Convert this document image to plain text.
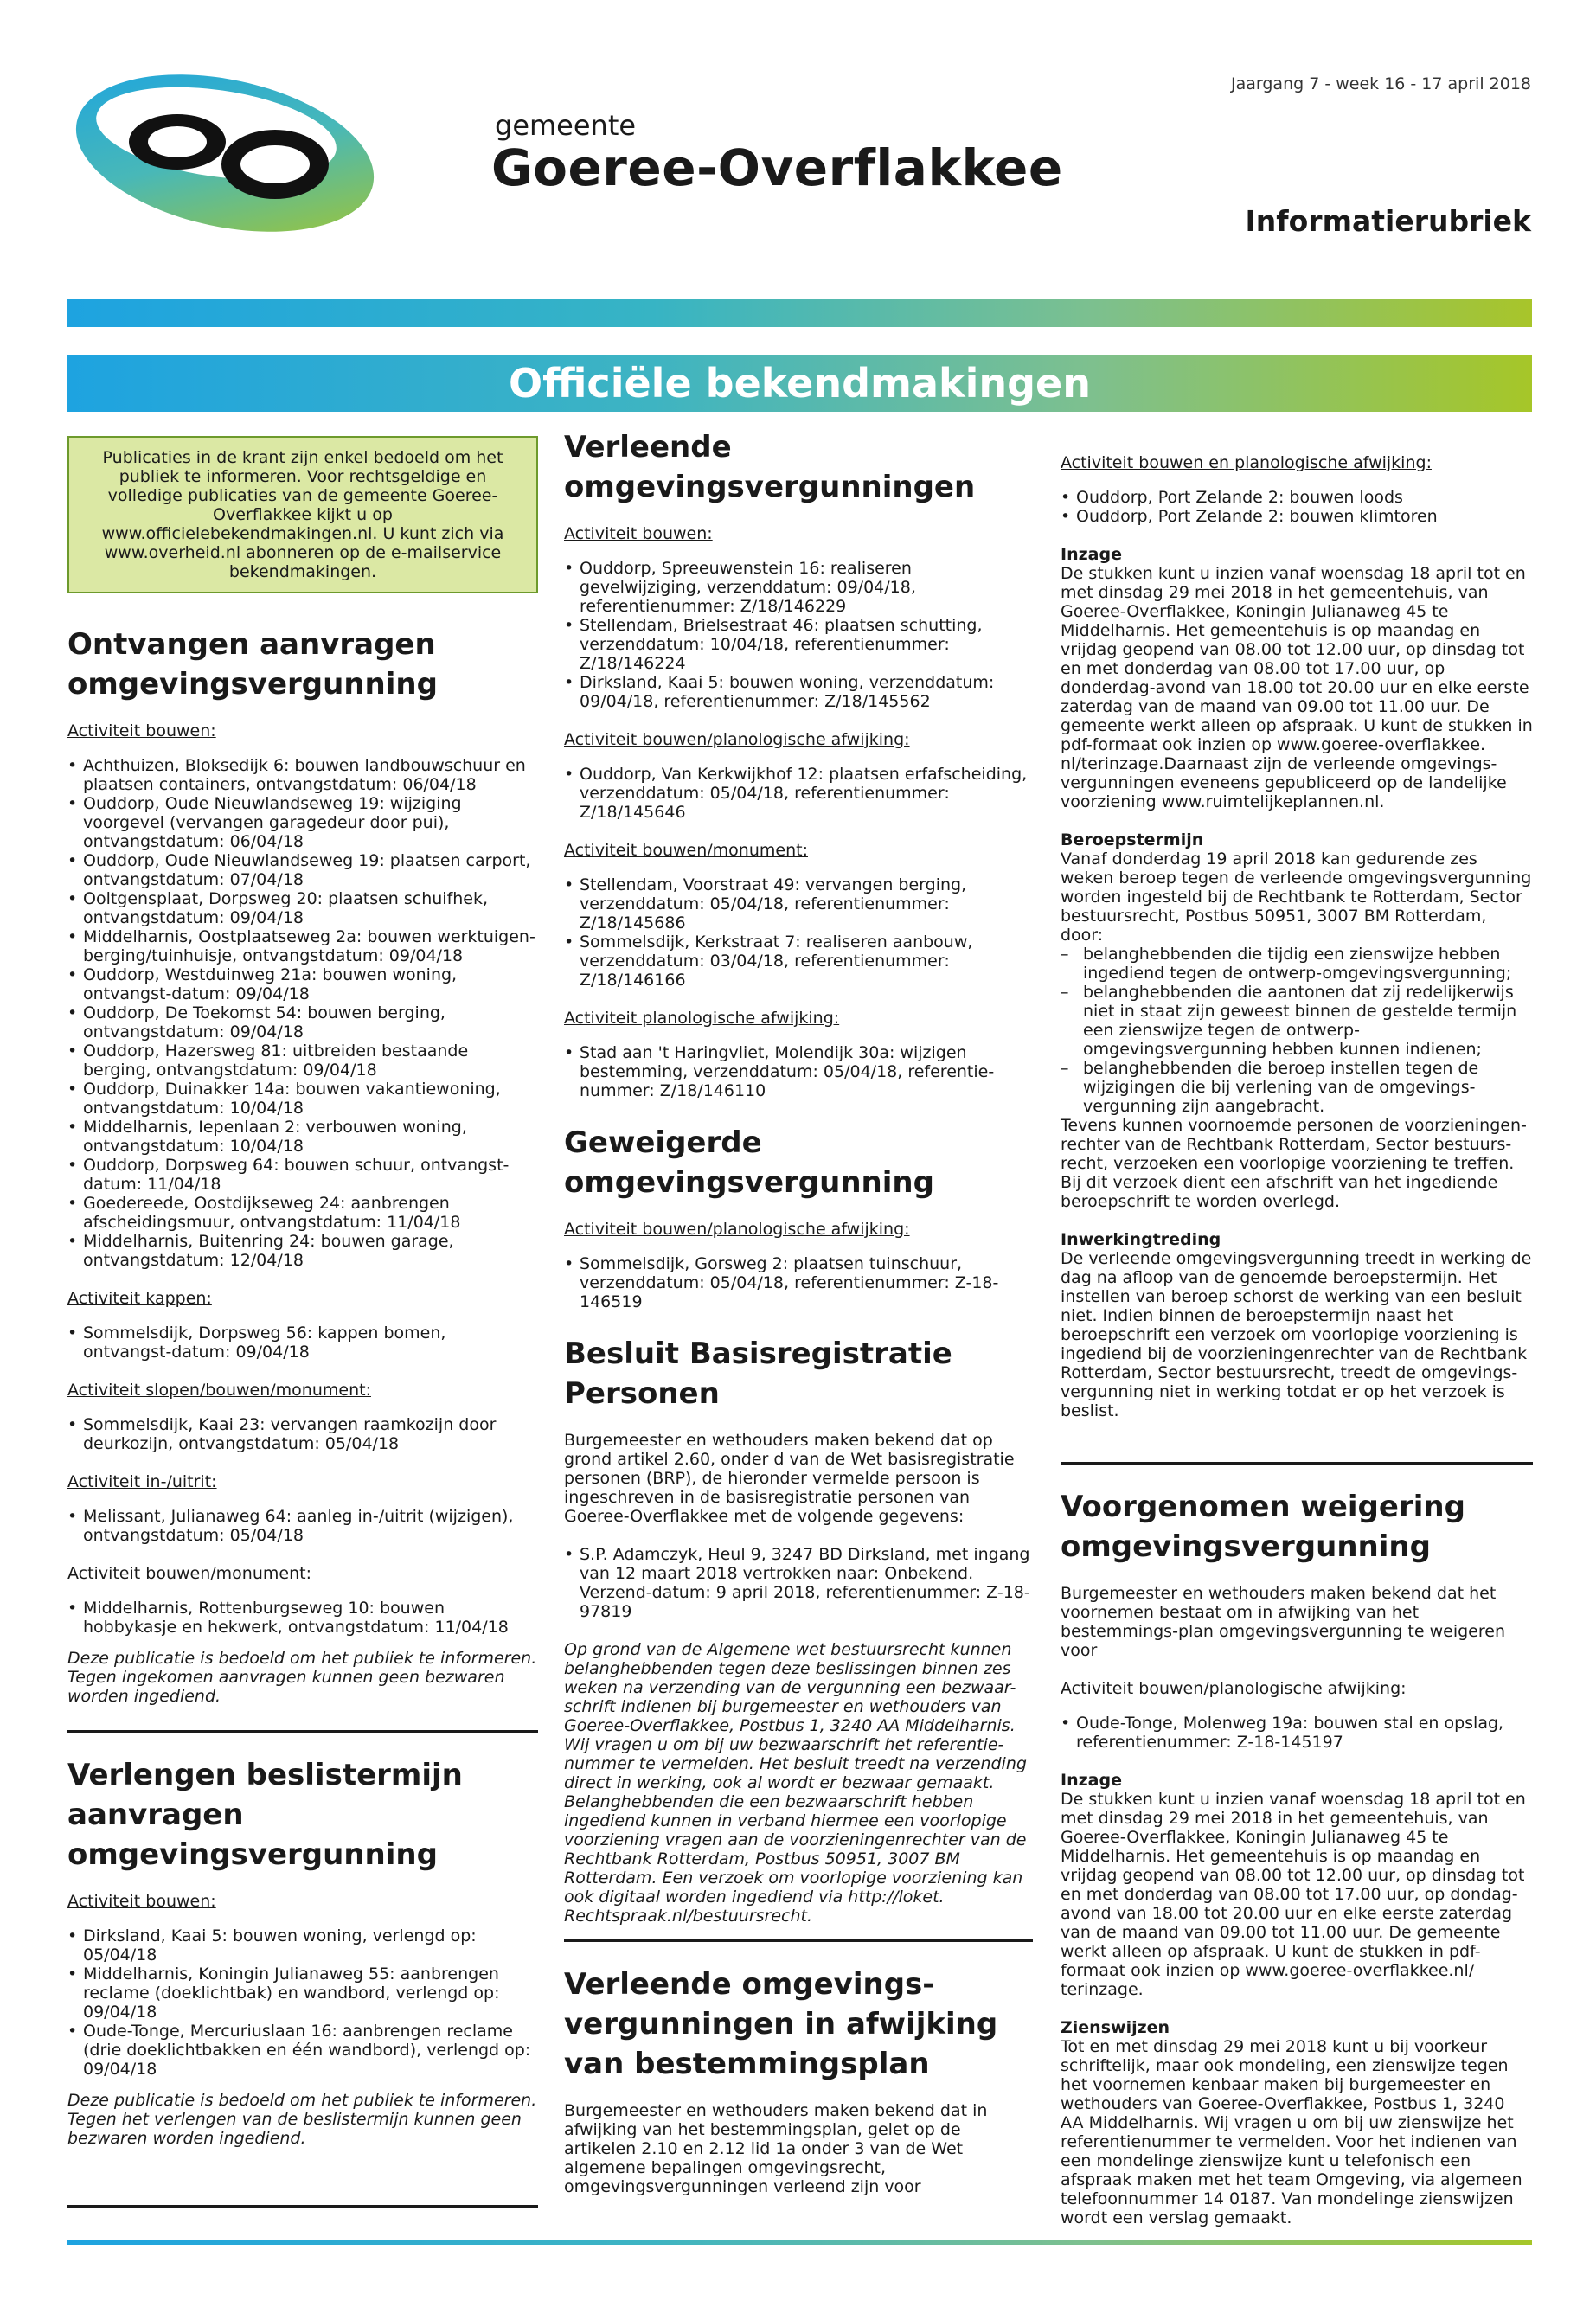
gemeente
Goeree-Overflakkee
Jaargang 7 - week 16 - 17 april 2018
Informatierubriek
Officiële bekendmakingen
Publicaties in de krant zijn enkel bedoeld om het publiek te informeren. Voor rechtsgeldige en volledige publicaties van de gemeente Goeree-Overflakkee kijkt u op www.officielebekendmakingen.nl. U kunt zich via www.overheid.nl abonneren op de e-mailservice bekendmakingen.
Ontvangen aanvragen omgevingsvergunning
Activiteit bouwen:
• Achthuizen, Bloksedijk 6: bouwen landbouwschuur en plaatsen containers, ontvangstdatum: 06/04/18
• Ouddorp, Oude Nieuwlandseweg 19: wijziging voorgevel (vervangen garagedeur door pui), ontvangstdatum: 06/04/18
• Ouddorp, Oude Nieuwlandseweg 19: plaatsen carport, ontvangstdatum: 07/04/18
• Ooltgensplaat, Dorpsweg 20: plaatsen schuifhek, ontvangstdatum: 09/04/18
• Middelharnis, Oostplaatseweg 2a: bouwen werktuigen-berging/tuinhuisje, ontvangstdatum: 09/04/18
• Ouddorp, Westduinweg 21a: bouwen woning, ontvangst-datum: 09/04/18
• Ouddorp, De Toekomst 54: bouwen berging, ontvangstdatum: 09/04/18
• Ouddorp, Hazersweg 81: uitbreiden bestaande berging, ontvangstdatum: 09/04/18
• Ouddorp, Duinakker 14a: bouwen vakantiewoning, ontvangstdatum: 10/04/18
• Middelharnis, Iepenlaan 2: verbouwen woning, ontvangstdatum: 10/04/18
• Ouddorp, Dorpsweg 64: bouwen schuur, ontvangst-datum: 11/04/18
• Goedereede, Oostdijkseweg 24: aanbrengen afscheidingsmuur, ontvangstdatum: 11/04/18
• Middelharnis, Buitenring 24: bouwen garage, ontvangstdatum: 12/04/18
Activiteit kappen:
• Sommelsdijk, Dorpsweg 56: kappen bomen, ontvangst-datum: 09/04/18
Activiteit slopen/bouwen/monument:
• Sommelsdijk, Kaai 23: vervangen raamkozijn door deurkozijn, ontvangstdatum: 05/04/18
Activiteit in-/uitrit:
• Melissant, Julianaweg 64: aanleg in-/uitrit (wijzigen), ontvangstdatum: 05/04/18
Activiteit bouwen/monument:
• Middelharnis, Rottenburgseweg 10: bouwen hobbykasje en hekwerk, ontvangstdatum: 11/04/18

Deze publicatie is bedoeld om het publiek te informeren. Tegen ingekomen aanvragen kunnen geen bezwaren worden ingediend.

Verlengen beslistermijn aanvragen omgevingsvergunning
Activiteit bouwen:
• Dirksland, Kaai 5: bouwen woning, verlengd op: 05/04/18
• Middelharnis, Koningin Julianaweg 55: aanbrengen reclame (doeklichtbak) en wandbord, verlengd op: 09/04/18
• Oude-Tonge, Mercuriuslaan 16: aanbrengen reclame (drie doeklichtbakken en één wandbord), verlengd op: 09/04/18

Deze publicatie is bedoeld om het publiek te informeren. Tegen het verlengen van de beslistermijn kunnen geen bezwaren worden ingediend.

Verleende omgevingsvergunningen
Activiteit bouwen:
• Ouddorp, Spreeuwenstein 16: realiseren gevelwijziging, verzenddatum: 09/04/18, referentienummer: Z/18/146229
• Stellendam, Brielsestraat 46: plaatsen schutting, verzenddatum: 10/04/18, referentienummer: Z/18/146224
• Dirksland, Kaai 5: bouwen woning, verzenddatum: 09/04/18, referentienummer: Z/18/145562
Activiteit bouwen/planologische afwijking:
• Ouddorp, Van Kerkwijkhof 12: plaatsen erfafscheiding, verzenddatum: 05/04/18, referentienummer: Z/18/145646
Activiteit bouwen/monument:
• Stellendam, Voorstraat 49: vervangen berging, verzenddatum: 05/04/18, referentienummer: Z/18/145686
• Sommelsdijk, Kerkstraat 7: realiseren aanbouw, verzenddatum: 03/04/18, referentienummer: Z/18/146166
Activiteit planologische afwijking:
• Stad aan 't Haringvliet, Molendijk 30a: wijzigen bestemming, verzenddatum: 05/04/18, referentie-nummer: Z/18/146110
Geweigerde omgevingsvergunning
Activiteit bouwen/planologische afwijking:
• Sommelsdijk, Gorsweg 2: plaatsen tuinschuur, verzenddatum: 05/04/18, referentienummer: Z-18-146519
Besluit Basisregistratie Personen

Burgemeester en wethouders maken bekend dat op grond artikel 2.60, onder d van de Wet basisregistratie personen (BRP), de hieronder vermelde persoon is ingeschreven in de basisregistratie personen van Goeree-Overflakkee met de volgende gegevens:

• S.P. Adamczyk, Heul 9, 3247 BD Dirksland, met ingang van 12 maart 2018 vertrokken naar: Onbekend. Verzend-datum: 9 april 2018, referentienummer: Z-18-97819

Op grond van de Algemene wet bestuursrecht kunnen belanghebbenden tegen deze beslissingen binnen zes weken na verzending van de vergunning een bezwaar-schrift indienen bij burgemeester en wethouders van Goeree-Overflakkee, Postbus 1, 3240 AA Middelharnis. Wij vragen u om bij uw bezwaarschrift het referentie-nummer te vermelden. Het besluit treedt na verzending direct in werking, ook al wordt er bezwaar gemaakt. Belanghebbenden die een bezwaarschrift hebben ingediend kunnen in verband hiermee een voorlopige voorziening vragen aan de voorzieningenrechter van de Rechtbank Rotterdam, Postbus 50951, 3007 BM Rotterdam. Een verzoek om voorlopige voorziening kan ook digitaal worden ingediend via http://loket. Rechtspraak.nl/bestuursrecht.

Verleende omgevings-vergunningen in afwijking van bestemmingsplan

Burgemeester en wethouders maken bekend dat in afwijking van het bestemmingsplan, gelet op de artikelen 2.10 en 2.12 lid 1a onder 3 van de Wet algemene bepalingen omgevingsrecht, omgevingsvergunningen verleend zijn voor

Activiteit bouwen en planologische afwijking:
• Ouddorp, Port Zelande 2: bouwen loods
• Ouddorp, Port Zelande 2: bouwen klimtoren
Inzage

De stukken kunt u inzien vanaf woensdag 18 april tot en met dinsdag 29 mei 2018 in het gemeentehuis, van Goeree-Overflakkee, Koningin Julianaweg 45 te Middelharnis. Het gemeentehuis is op maandag en vrijdag geopend van 08.00 tot 12.00 uur, op dinsdag tot en met donderdag van 08.00 tot 17.00 uur, op donderdag-avond van 18.00 tot 20.00 uur en elke eerste zaterdag van de maand van 09.00 tot 11.00 uur. De gemeente werkt alleen op afspraak. U kunt de stukken in pdf-formaat ook inzien op www.goeree-overflakkee. nl/terinzage.Daarnaast zijn de verleende omgevings-vergunningen eveneens gepubliceerd op de landelijke voorziening www.ruimtelijkeplannen.nl.

Beroepstermijn

Vanaf donderdag 19 april 2018 kan gedurende zes weken beroep tegen de verleende omgevingsvergunning worden ingesteld bij de Rechtbank te Rotterdam, Sector bestuursrecht, Postbus 50951, 3007 BM Rotterdam, door:

– belanghebbenden die tijdig een zienswijze hebben ingediend tegen de ontwerp-omgevingsvergunning;
– belanghebbenden die aantonen dat zij redelijkerwijs niet in staat zijn geweest binnen de gestelde termijn een zienswijze tegen de ontwerp-omgevingsvergunning hebben kunnen indienen;
– belanghebbenden die beroep instellen tegen de wijzigingen die bij verlening van de omgevings-vergunning zijn aangebracht.

Tevens kunnen voornoemde personen de voorzieningen-rechter van de Rechtbank Rotterdam, Sector bestuurs-recht, verzoeken een voorlopige voorziening te treffen. Bij dit verzoek dient een afschrift van het ingediende beroepschrift te worden overlegd.

Inwerkingtreding

De verleende omgevingsvergunning treedt in werking de dag na afloop van de genoemde beroepstermijn. Het instellen van beroep schorst de werking van een besluit niet. Indien binnen de beroepstermijn naast het beroepschrift een verzoek om voorlopige voorziening is ingediend bij de voorzieningenrechter van de Rechtbank Rotterdam, Sector bestuursrecht, treedt de omgevings-vergunning niet in werking totdat er op het verzoek is beslist.

Voorgenomen weigering omgevingsvergunning

Burgemeester en wethouders maken bekend dat het voornemen bestaat om in afwijking van het bestemmings-plan omgevingsvergunning te weigeren voor

Activiteit bouwen/planologische afwijking:
• Oude-Tonge, Molenweg 19a: bouwen stal en opslag, referentienummer: Z-18-145197
Inzage

De stukken kunt u inzien vanaf woensdag 18 april tot en met dinsdag 29 mei 2018 in het gemeentehuis, van Goeree-Overflakkee, Koningin Julianaweg 45 te Middelharnis. Het gemeentehuis is op maandag en vrijdag geopend van 08.00 tot 12.00 uur, op dinsdag tot en met donderdag van 08.00 tot 17.00 uur, op dondag-avond van 18.00 tot 20.00 uur en elke eerste zaterdag van de maand van 09.00 tot 11.00 uur. De gemeente werkt alleen op afspraak. U kunt de stukken in pdf-formaat ook inzien op www.goeree-overflakkee.nl/ terinzage.

Zienswijzen

Tot en met dinsdag 29 mei 2018 kunt u bij voorkeur schriftelijk, maar ook mondeling, een zienswijze tegen het voornemen kenbaar maken bij burgemeester en wethouders van Goeree-Overflakkee, Postbus 1, 3240 AA Middelharnis. Wij vragen u om bij uw zienswijze het referentienummer te vermelden. Voor het indienen van een mondelinge zienswijze kunt u telefonisch een afspraak maken met het team Omgeving, via algemeen telefoonnummer 14 0187. Van mondelinge zienswijzen wordt een verslag gemaakt.
